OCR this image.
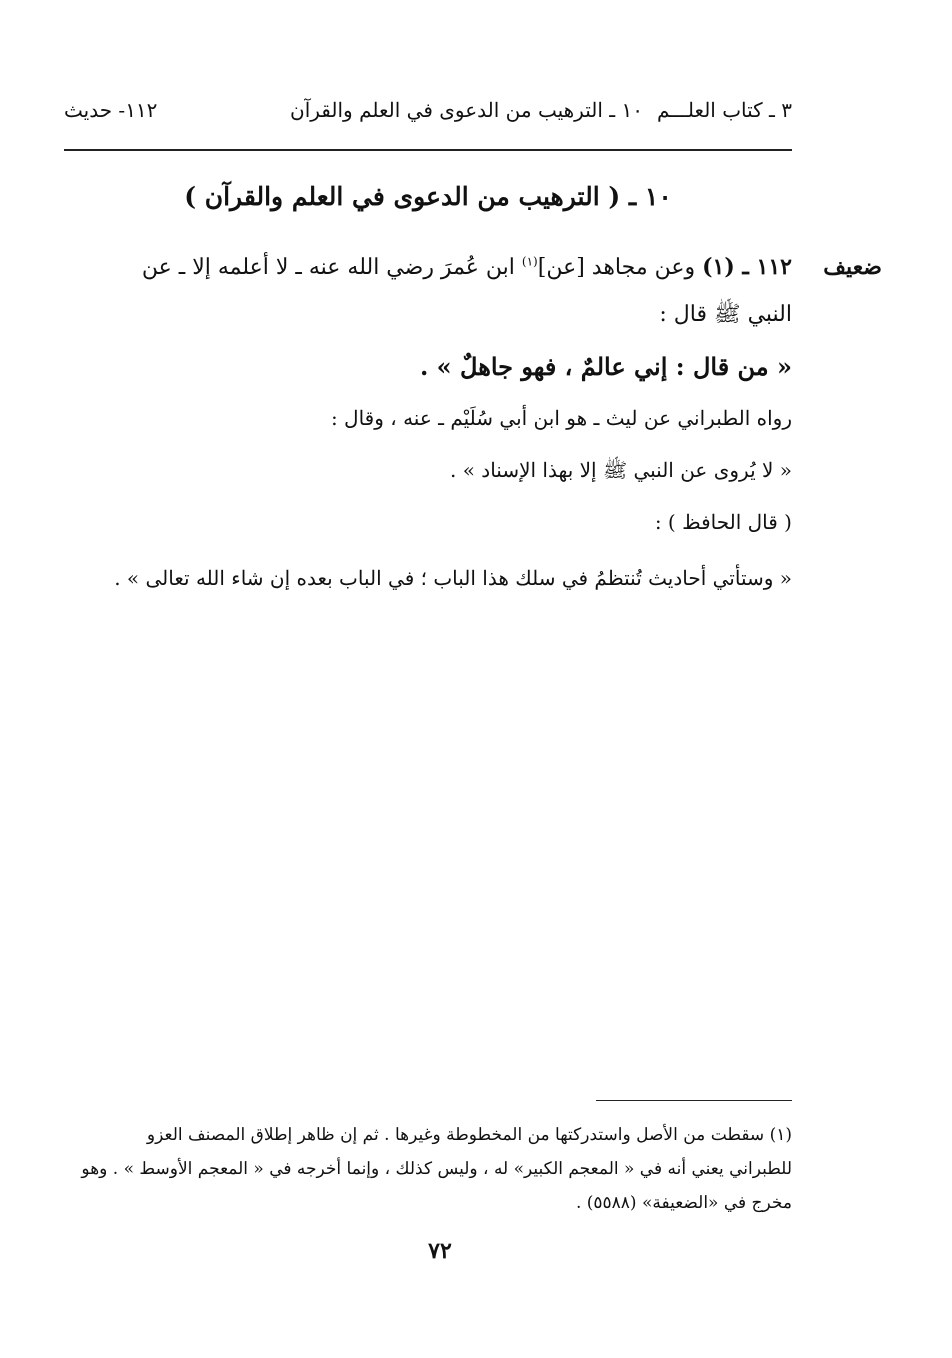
٣ ـ كتاب العلـــم
١٠ ـ الترهيب من الدعوى في العلم والقرآن
١١٢- حديث
١٠ ـ ( الترهيب من الدعوى في العلم والقرآن )
ضعيف
١١٢ ـ (١) وعن مجاهد [عن]$^{(١)}$ ابن عُمرَ رضي الله عنه ـ لا أعلمه إلا ـ عن
النبي ﷺ قال :
« من قال : إني عالمٌ ، فهو جاهلٌ » .
رواه الطبراني عن ليث ـ هو ابن أبي سُلَيْم ـ عنه ، وقال :
« لا يُروى عن النبي ﷺ إلا بهذا الإسناد » .
( قال الحافظ ) :
« وستأتي أحاديث تُنتظمُ في سلك هذا الباب ؛ في الباب بعده إن شاء الله تعالى » .
(١) سقطت من الأصل واستدركتها من المخطوطة وغيرها . ثم إن ظاهر إطلاق المصنف العزو
للطبراني يعني أنه في « المعجم الكبير» له ، وليس كذلك ، وإنما أخرجه في « المعجم الأوسط » . وهو
مخرج في «الضعيفة» (٥٥٨٨) .
٧٢
